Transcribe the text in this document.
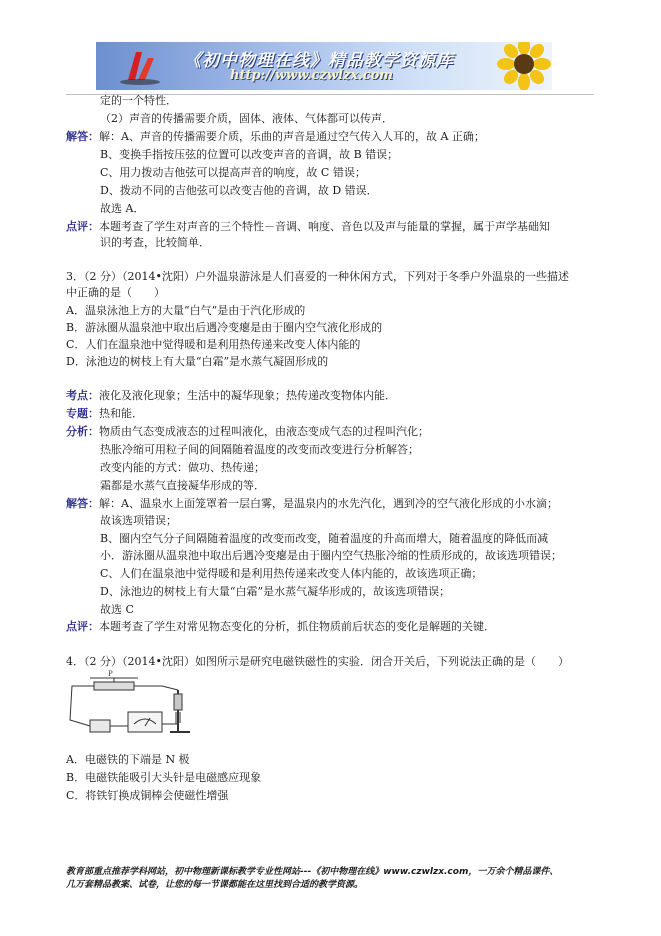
《初中物理在线》精品教学资源库
http://www.czwlzx.com
定的一个特性．
（2）声音的传播需要介质，固体、液体、气体都可以传声．
解答：解：A、声音的传播需要介质，乐曲的声音是通过空气传入人耳的，故 A 正确；
B、变换手指按压弦的位置可以改变声音的音调，故 B 错误；
C、用力拨动吉他弦可以提高声音的响度，故 C 错误；
D、拨动不同的吉他弦可以改变吉他的音调，故 D 错误．
故选 A．
点评：本题考查了学生对声音的三个特性－音调、响度、音色以及声与能量的掌握，属于声学基础知
识的考查，比较简单．
3．（2 分）（2014•沈阳）户外温泉游泳是人们喜爱的一种休闲方式，下列对于冬季户外温泉的一些描述
中正确的是（　　）
A．温泉泳池上方的大量“白气”是由于汽化形成的
B．游泳圈从温泉池中取出后遇冷变瘪是由于圈内空气液化形成的
C．人们在温泉池中觉得暖和是利用热传递来改变人体内能的
D．泳池边的树枝上有大量“白霜”是水蒸气凝固形成的
考点：液化及液化现象；生活中的凝华现象；热传递改变物体内能．
专题：热和能．
分析：物质由气态变成液态的过程叫液化，由液态变成气态的过程叫汽化；
热胀冷缩可用粒子间的间隔随着温度的改变而改变进行分析解答；
改变内能的方式：做功、热传递；
霜都是水蒸气直接凝华形成的等．
解答：解：A、温泉水上面笼罩着一层白雾，是温泉内的水先汽化，遇到冷的空气液化形成的小水滴；
故该选项错误；
B、圈内空气分子间隔随着温度的改变而改变，随着温度的升高而增大，随着温度的降低而减
小．游泳圈从温泉池中取出后遇冷变瘪是由于圈内空气热胀冷缩的性质形成的，故该选项错误；
C、人们在温泉池中觉得暖和是利用热传递来改变人体内能的，故该选项正确；
D、泳池边的树枝上有大量“白霜”是水蒸气凝华形成的，故该选项错误；
故选 C
点评：本题考查了学生对常见物态变化的分析，抓住物质前后状态的变化是解题的关键．
4．（2 分）（2014•沈阳）如图所示是研究电磁铁磁性的实验．闭合开关后，下列说法正确的是（　　）
A．电磁铁的下端是 N 极
B．电磁铁能吸引大头针是电磁感应现象
C．将铁钉换成铜棒会使磁性增强
P
教育部重点推荐学科网站，初中物理新课标教学专业性网站---《初中物理在线》www.czwlzx.com，一万余个精品课件、
几万套精品教案、试卷，让您的每一节课都能在这里找到合适的教学资源。
